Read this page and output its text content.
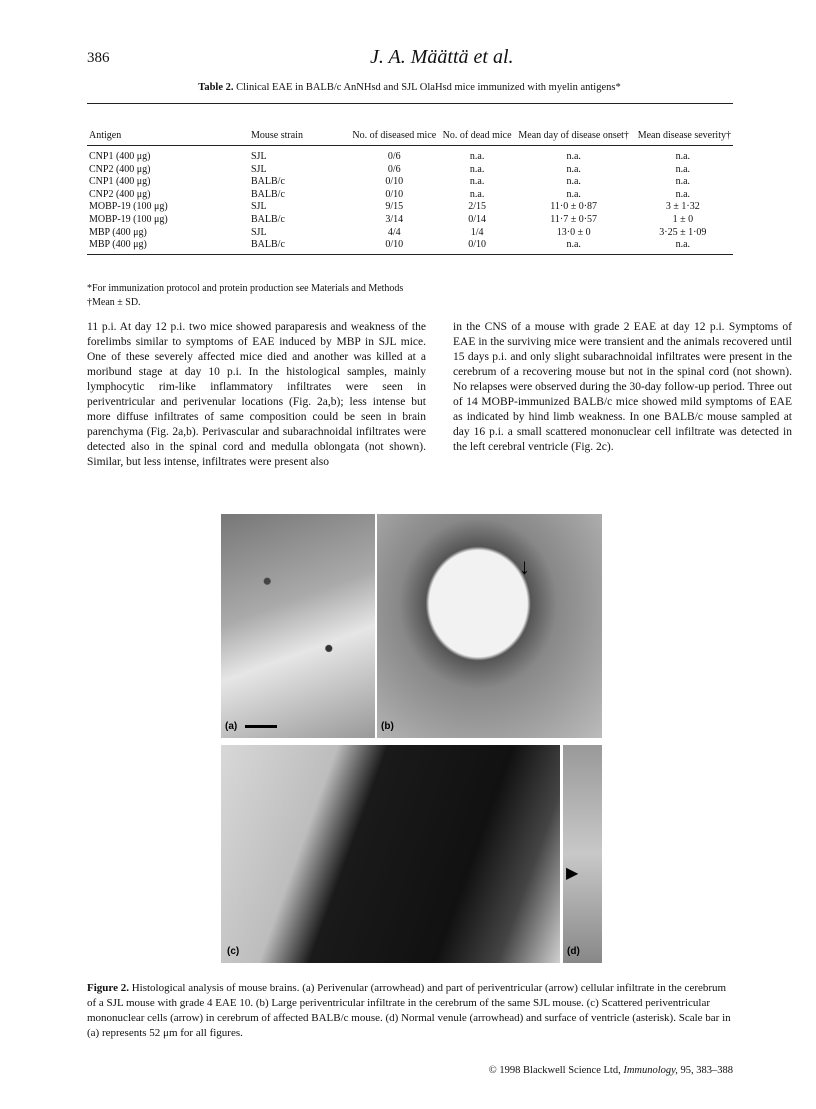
386	J. A. Määttä et al.
Table 2. Clinical EAE in BALB/c AnNHsd and SJL OlaHsd mice immunized with myelin antigens*
Antigen	Mouse strain	No. of diseased mice	No. of dead mice	Mean day of disease onset†	Mean disease severity†
CNP1 (400 μg)	SJL	0/6	n.a.	n.a.	n.a.
CNP2 (400 μg)	SJL	0/6	n.a.	n.a.	n.a.
CNP1 (400 μg)	BALB/c	0/10	n.a.	n.a.	n.a.
CNP2 (400 μg)	BALB/c	0/10	n.a.	n.a.	n.a.
MOBP-19 (100 μg)	SJL	9/15	2/15	11·0 ± 0·87	3 ± 1·32
MOBP-19 (100 μg)	BALB/c	3/14	0/14	11·7 ± 0·57	1 ± 0
MBP (400 μg)	SJL	4/4	1/4	13·0 ± 0	3·25 ± 1·09
MBP (400 μg)	BALB/c	0/10	0/10	n.a.	n.a.
*For immunization protocol and protein production see Materials and Methods
†Mean ± SD.
11 p.i. At day 12 p.i. two mice showed paraparesis and weakness of the forelimbs similar to symptoms of EAE induced by MBP in SJL mice. One of these severely affected mice died and another was killed at a moribund stage at day 10 p.i. In the histological samples, mainly lymphocytic rim-like inflammatory infiltrates were seen in periventricular and perivenular locations (Fig. 2a,b); less intense but more diffuse infiltrates of same composition could be seen in brain parenchyma (Fig. 2a,b). Perivascular and subarachnoidal infiltrates were detected also in the spinal cord and medulla oblongata (not shown). Similar, but less intense, infiltrates were present also
in the CNS of a mouse with grade 2 EAE at day 12 p.i. Symptoms of EAE in the surviving mice were transient and the animals recovered until 15 days p.i. and only slight subarachnoidal infiltrates were present in the cerebrum of a recovering mouse but not in the spinal cord (not shown). No relapses were observed during the 30-day follow-up period. Three out of 14 MOBP-immunized BALB/c mice showed mild symptoms of EAE as indicated by hind limb weakness. In one BALB/c mouse sampled at day 16 p.i. a small scattered mononuclear cell infiltrate was detected in the left cerebral ventricle (Fig. 2c).
(a)
↓
(b)
(c)
▶
(d)
Figure 2. Histological analysis of mouse brains. (a) Perivenular (arrowhead) and part of periventricular (arrow) cellular infiltrate in the cerebrum of a SJL mouse with grade 4 EAE 10. (b) Large periventricular infiltrate in the cerebrum of the same SJL mouse. (c) Scattered periventricular mononuclear cells (arrow) in cerebrum of affected BALB/c mouse. (d) Normal venule (arrowhead) and surface of ventricle (asterisk). Scale bar in (a) represents 52 μm for all figures.
© 1998 Blackwell Science Ltd, Immunology, 95, 383–388
